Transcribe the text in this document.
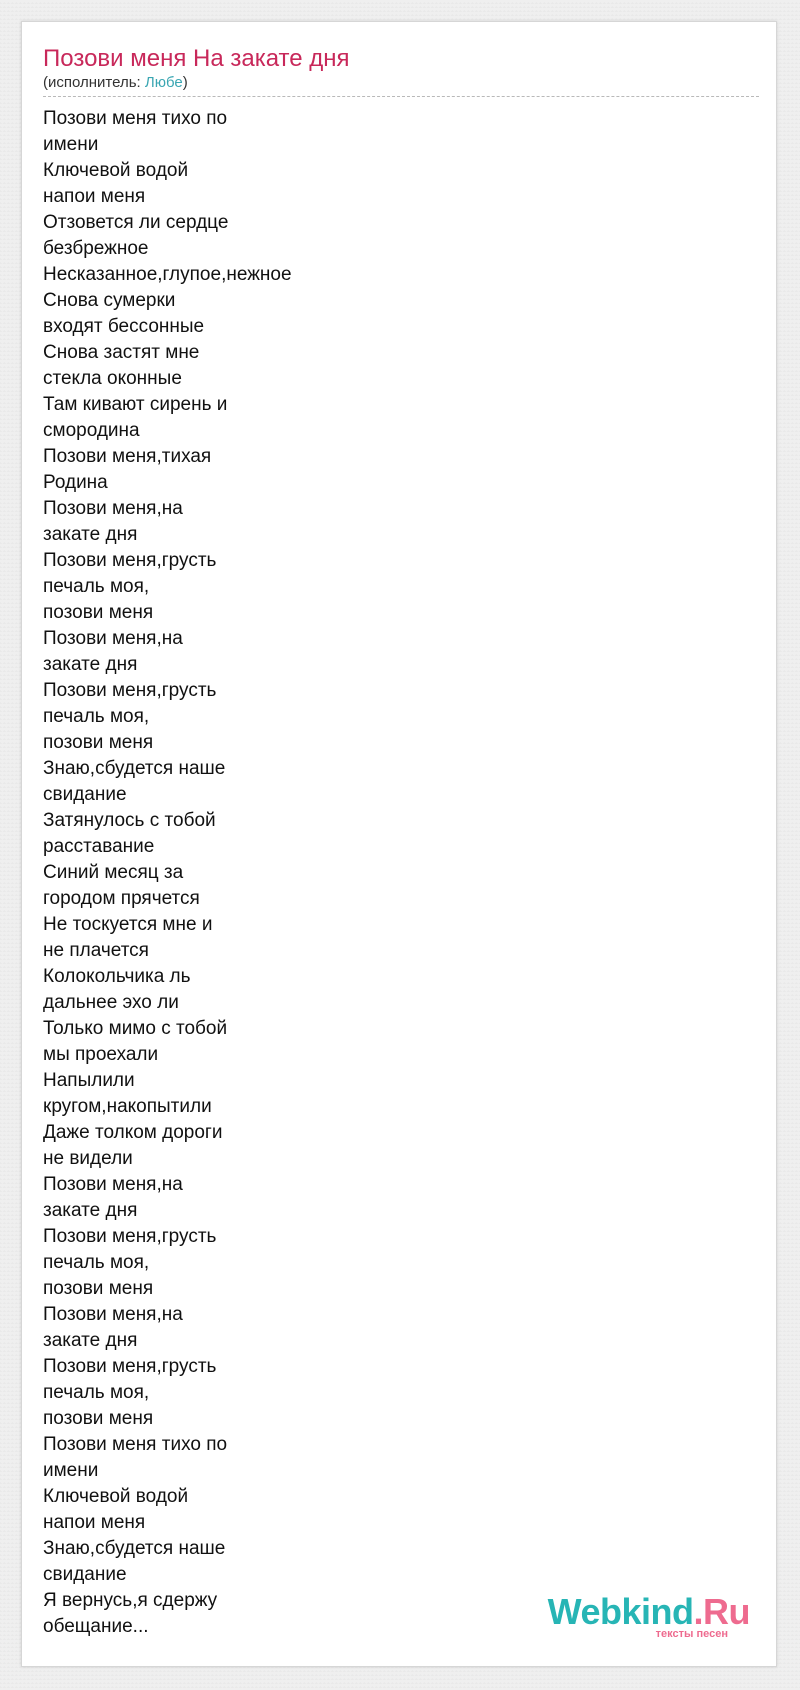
Позови меня На закате дня
(исполнитель: Любе)
Позови меня тихо по
имени
Ключевой водой
напои меня
Отзовется ли сердце
безбрежное
Несказанное,глупое,нежное
Снова сумерки
входят бессонные
Снова застят мне
стекла оконные
Там кивают сирень и
смородина
Позови меня,тихая
Родина
Позови меня,на
закате дня
Позови меня,грусть
печаль моя,
позови меня
Позови меня,на
закате дня
Позови меня,грусть
печаль моя,
позови меня
Знаю,сбудется наше
свидание
Затянулось с тобой
расставание
Синий месяц за
городом прячется
Не тоскуется мне и
не плачется
Колокольчика ль
дальнее эхо ли
Только мимо с тобой
мы проехали
Напылили
кругом,накопытили
Даже толком дороги
не видели
Позови меня,на
закате дня
Позови меня,грусть
печаль моя,
позови меня
Позови меня,на
закате дня
Позови меня,грусть
печаль моя,
позови меня
Позови меня тихо по
имени
Ключевой водой
напои меня
Знаю,сбудется наше
свидание
Я вернусь,я сдержу
обещание...	Webkind.Ru
тексты песен
